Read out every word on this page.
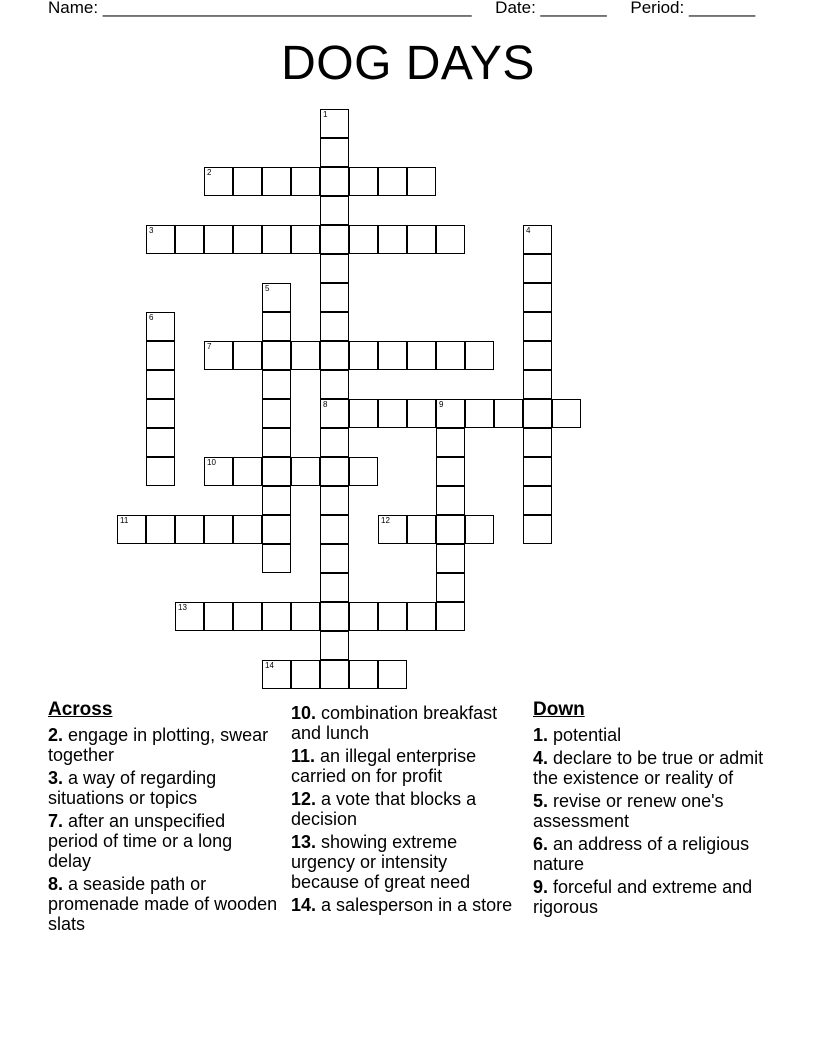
Name: _______________________________________ Date: _______ Period: _______
DOG DAYS
1
8
2
3	4
5
6
7
9
10
11	12
13
14
Across
2. engage in plotting, swear together
3. a way of regarding situations or topics
7. after an unspecified period of time or a long delay
8. a seaside path or promenade made of wooden slats
10. combination breakfast and lunch
11. an illegal enterprise carried on for profit
12. a vote that blocks a decision
13. showing extreme urgency or intensity because of great need
14. a salesperson in a store
Down
1. potential
4. declare to be true or admit the existence or reality of
5. revise or renew one's assessment
6. an address of a religious nature
9. forceful and extreme and rigorous
